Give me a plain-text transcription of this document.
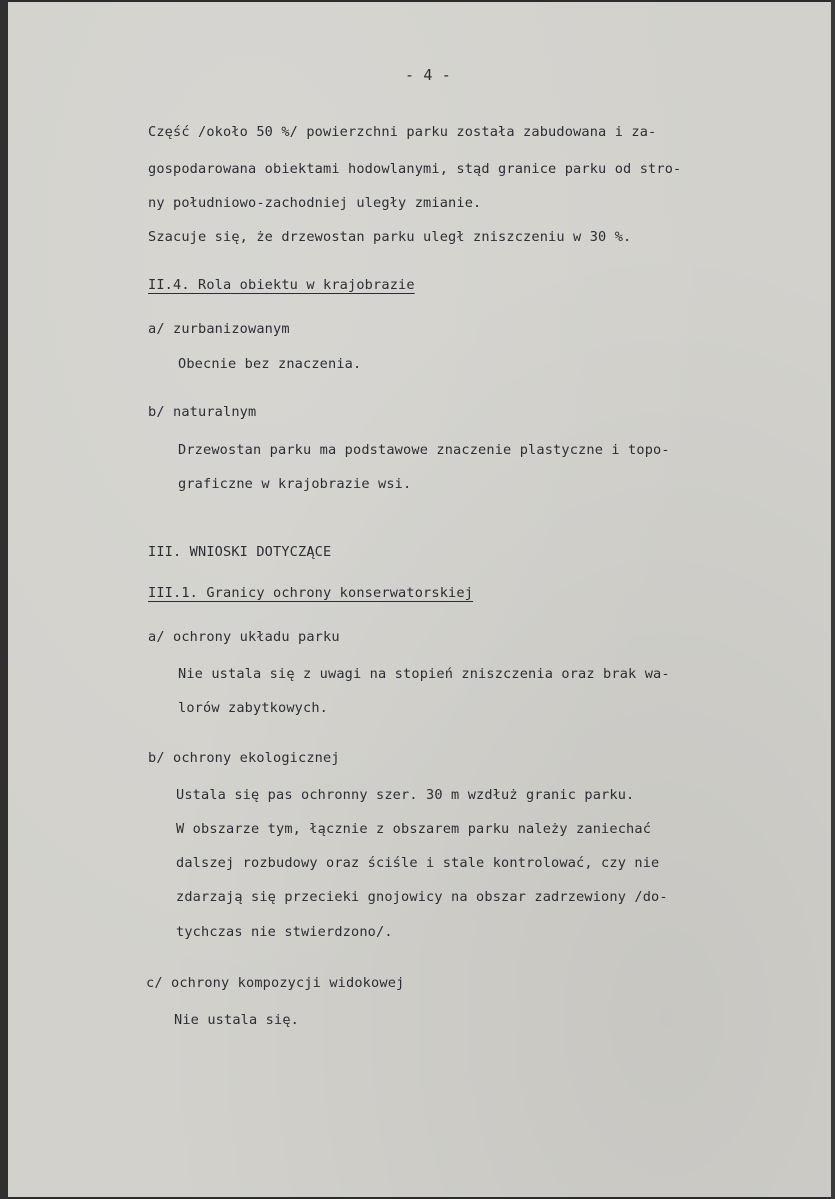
- 4 -
Część /około 50 %/ powierzchni parku została zabudowana i za-
gospodarowana obiektami hodowlanymi, stąd granice parku od stro-
ny południowo-zachodniej uległy zmianie.
Szacuje się, że drzewostan parku uległ zniszczeniu w 30 %.
II.4. Rola obiektu w krajobrazie
a/ zurbanizowanym
Obecnie bez znaczenia.
b/ naturalnym
Drzewostan parku ma podstawowe znaczenie plastyczne i topo-
graficzne w krajobrazie wsi.
III. WNIOSKI DOTYCZĄCE
III.1. Granicy ochrony konserwatorskiej
a/ ochrony układu parku
Nie ustala się z uwagi na stopień zniszczenia oraz brak wa-
lorów zabytkowych.
b/ ochrony ekologicznej
Ustala się pas ochronny szer. 30 m wzdłuż granic parku.
W obszarze tym, łącznie z obszarem parku należy zaniechać
dalszej rozbudowy oraz ściśle i stale kontrolować, czy nie
zdarzają się przecieki gnojowicy na obszar zadrzewiony /do-
tychczas nie stwierdzono/.
c/ ochrony kompozycji widokowej
Nie ustala się.
